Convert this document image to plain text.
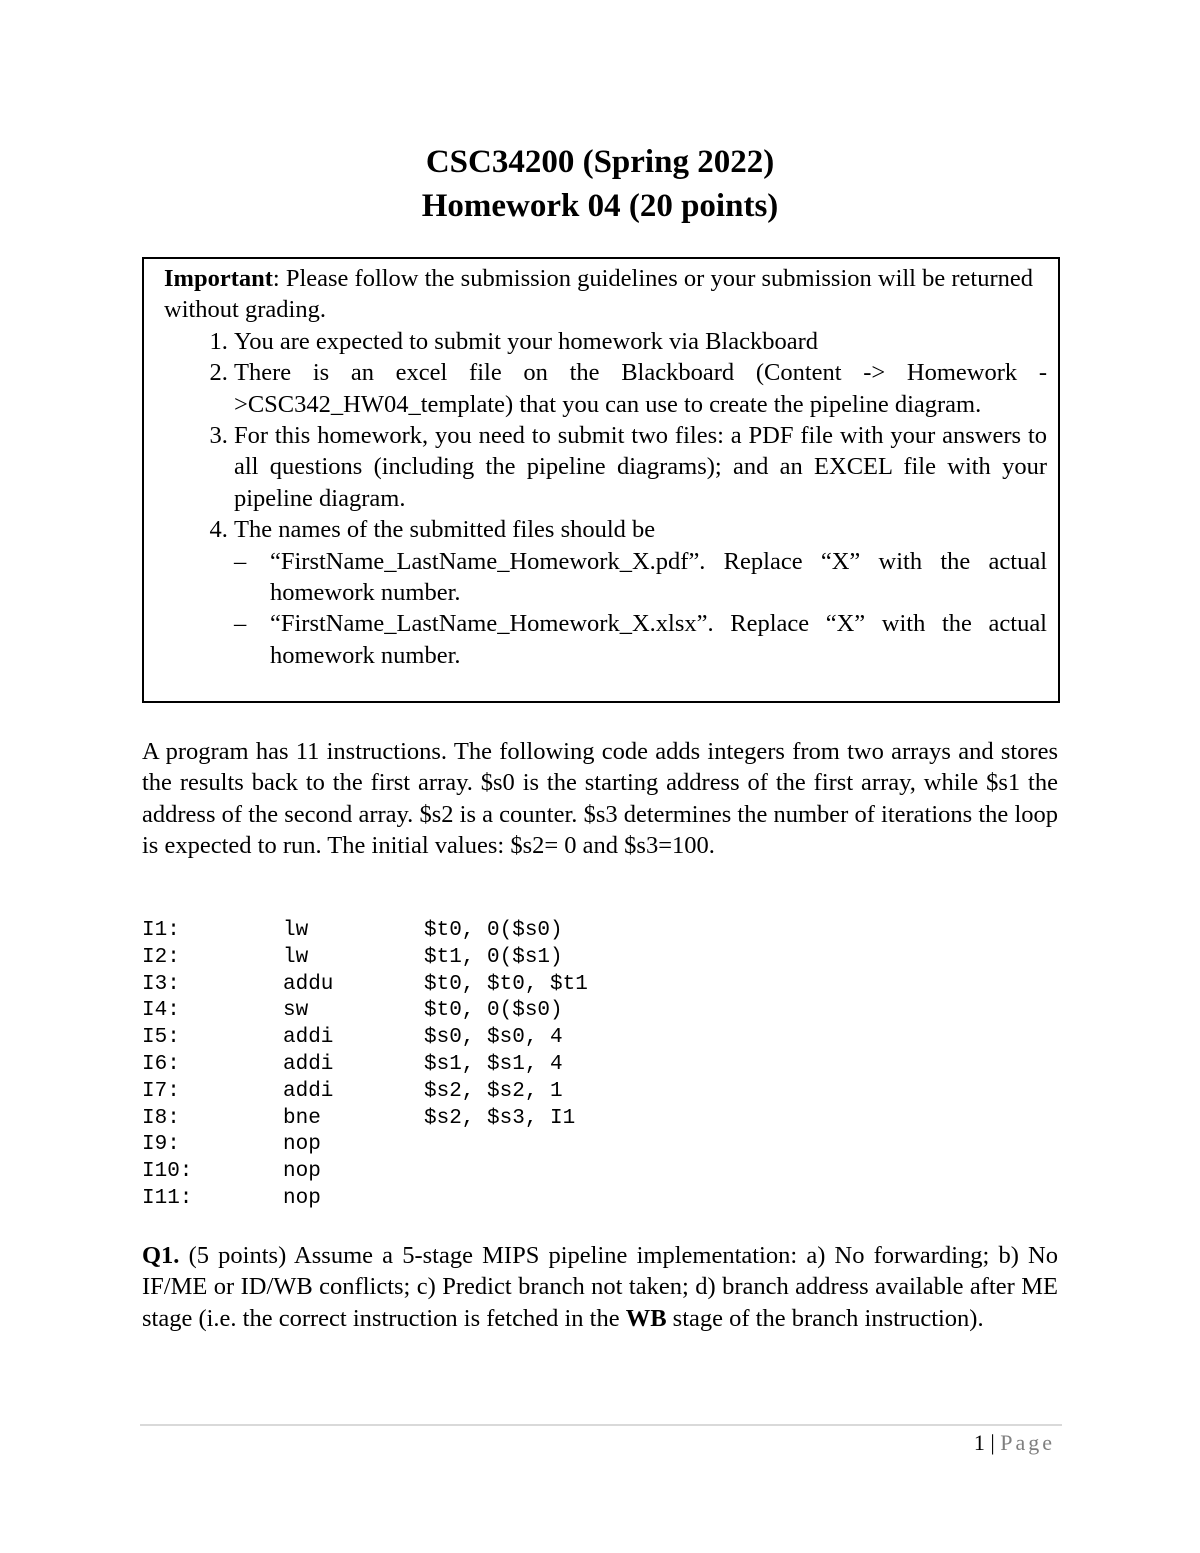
CSC34200 (Spring 2022)
Homework 04 (20 points)

Important: Please follow the submission guidelines or your submission will be returned without grading.

1. You are expected to submit your homework via Blackboard
2. There is an excel file on the Blackboard (Content -> Homework ->CSC342_HW04_template) that you can use to create the pipeline diagram.
3. For this homework, you need to submit two files: a PDF file with your answers to all questions (including the pipeline diagrams); and an EXCEL file with your pipeline diagram.
4. The names of the submitted files should be
– “FirstName_LastName_Homework_X.pdf”. Replace “X” with the actual homework number.
– “FirstName_LastName_Homework_X.xlsx”. Replace “X” with the actual homework number.

A program has 11 instructions. The following code adds integers from two arrays and stores the results back to the first array. $s0 is the starting address of the first array, while $s1 the address of the second array. $s2 is a counter. $s3 determines the number of iterations the loop is expected to run. The initial values: $s2= 0 and $s3=100.

I1:	lw	$t0, 0($s0)
I2:	lw	$t1, 0($s1)
I3:	addu	$t0, $t0, $t1
I4:	sw	$t0, 0($s0)
I5:	addi	$s0, $s0, 4
I6:	addi	$s1, $s1, 4
I7:	addi	$s2, $s2, 1
I8:	bne	$s2, $s3, I1
I9:	nop
I10:	nop
I11:	nop

Q1. (5 points) Assume a 5-stage MIPS pipeline implementation: a) No forwarding; b) No IF/ME or ID/WB conflicts; c) Predict branch not taken; d) branch address available after ME stage (i.e. the correct instruction is fetched in the WB stage of the branch instruction).

1 | Page
